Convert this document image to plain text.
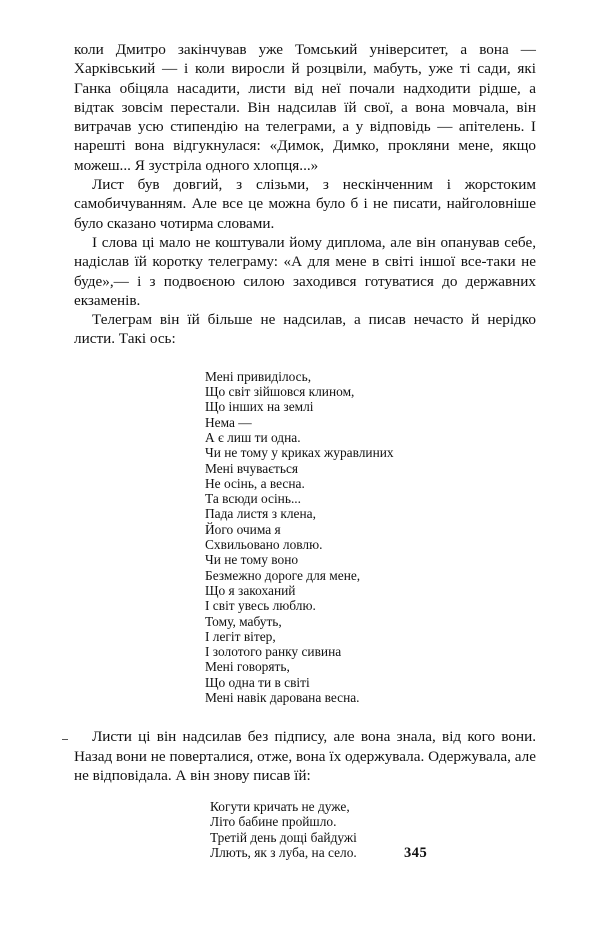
коли Дмитро закінчував уже Томський університет, а вона — Харківський — і коли виросли й розцвіли, мабуть, уже ті сади, які Ганка обіцяла насадити, листи від неї почали надходити рідше, а відтак зовсім перестали. Він надсилав їй свої, а вона мовчала, він витрачав усю стипендію на телеграми, а у відповідь — апітелень. І нарешті вона відгукнулася: «Димок, Димко, прокляни мене, якщо можеш... Я зустріла одного хлопця...»

Лист був довгий, з слізьми, з нескінченним і жорстоким самобичуванням. Але все це можна було б і не писати, найголовніше було сказано чотирма словами.

І слова ці мало не коштували йому диплома, але він опанував себе, надіслав їй коротку телеграму: «А для мене в світі іншої все-таки не буде»,— і з подвоєною силою заходився готуватися до державних екзаменів.

Телеграм він їй більше не надсилав, а писав нечасто й нерідко листи. Такі ось:

Мені привиділось,
Що світ зійшовся клином,
Що інших на землі
Нема —
А є лиш ти одна.
Чи не тому у криках журавлиних
Мені вчувається
Не осінь, а весна.
Та всюди осінь...
Пада листя з клена,
Його очима я
Схвильовано ловлю.
Чи не тому воно
Безмежно дороге для мене,
Що я закоханий
І світ увесь люблю.
Тому, мабуть,
І легіт вітер,
І золотого ранку сивина
Мені говорять,
Що одна ти в світі
Мені навік дарована весна.

Листи ці він надсилав без підпису, але вона знала, від кого вони. Назад вони не поверталися, отже, вона їх одержувала. Одержувала, але не відповідала. А він знову писав їй:

Когути кричать не дуже,
Літо бабине пройшло.
Третій день дощі байдужі
Ллють, як з луба, на село.	345
